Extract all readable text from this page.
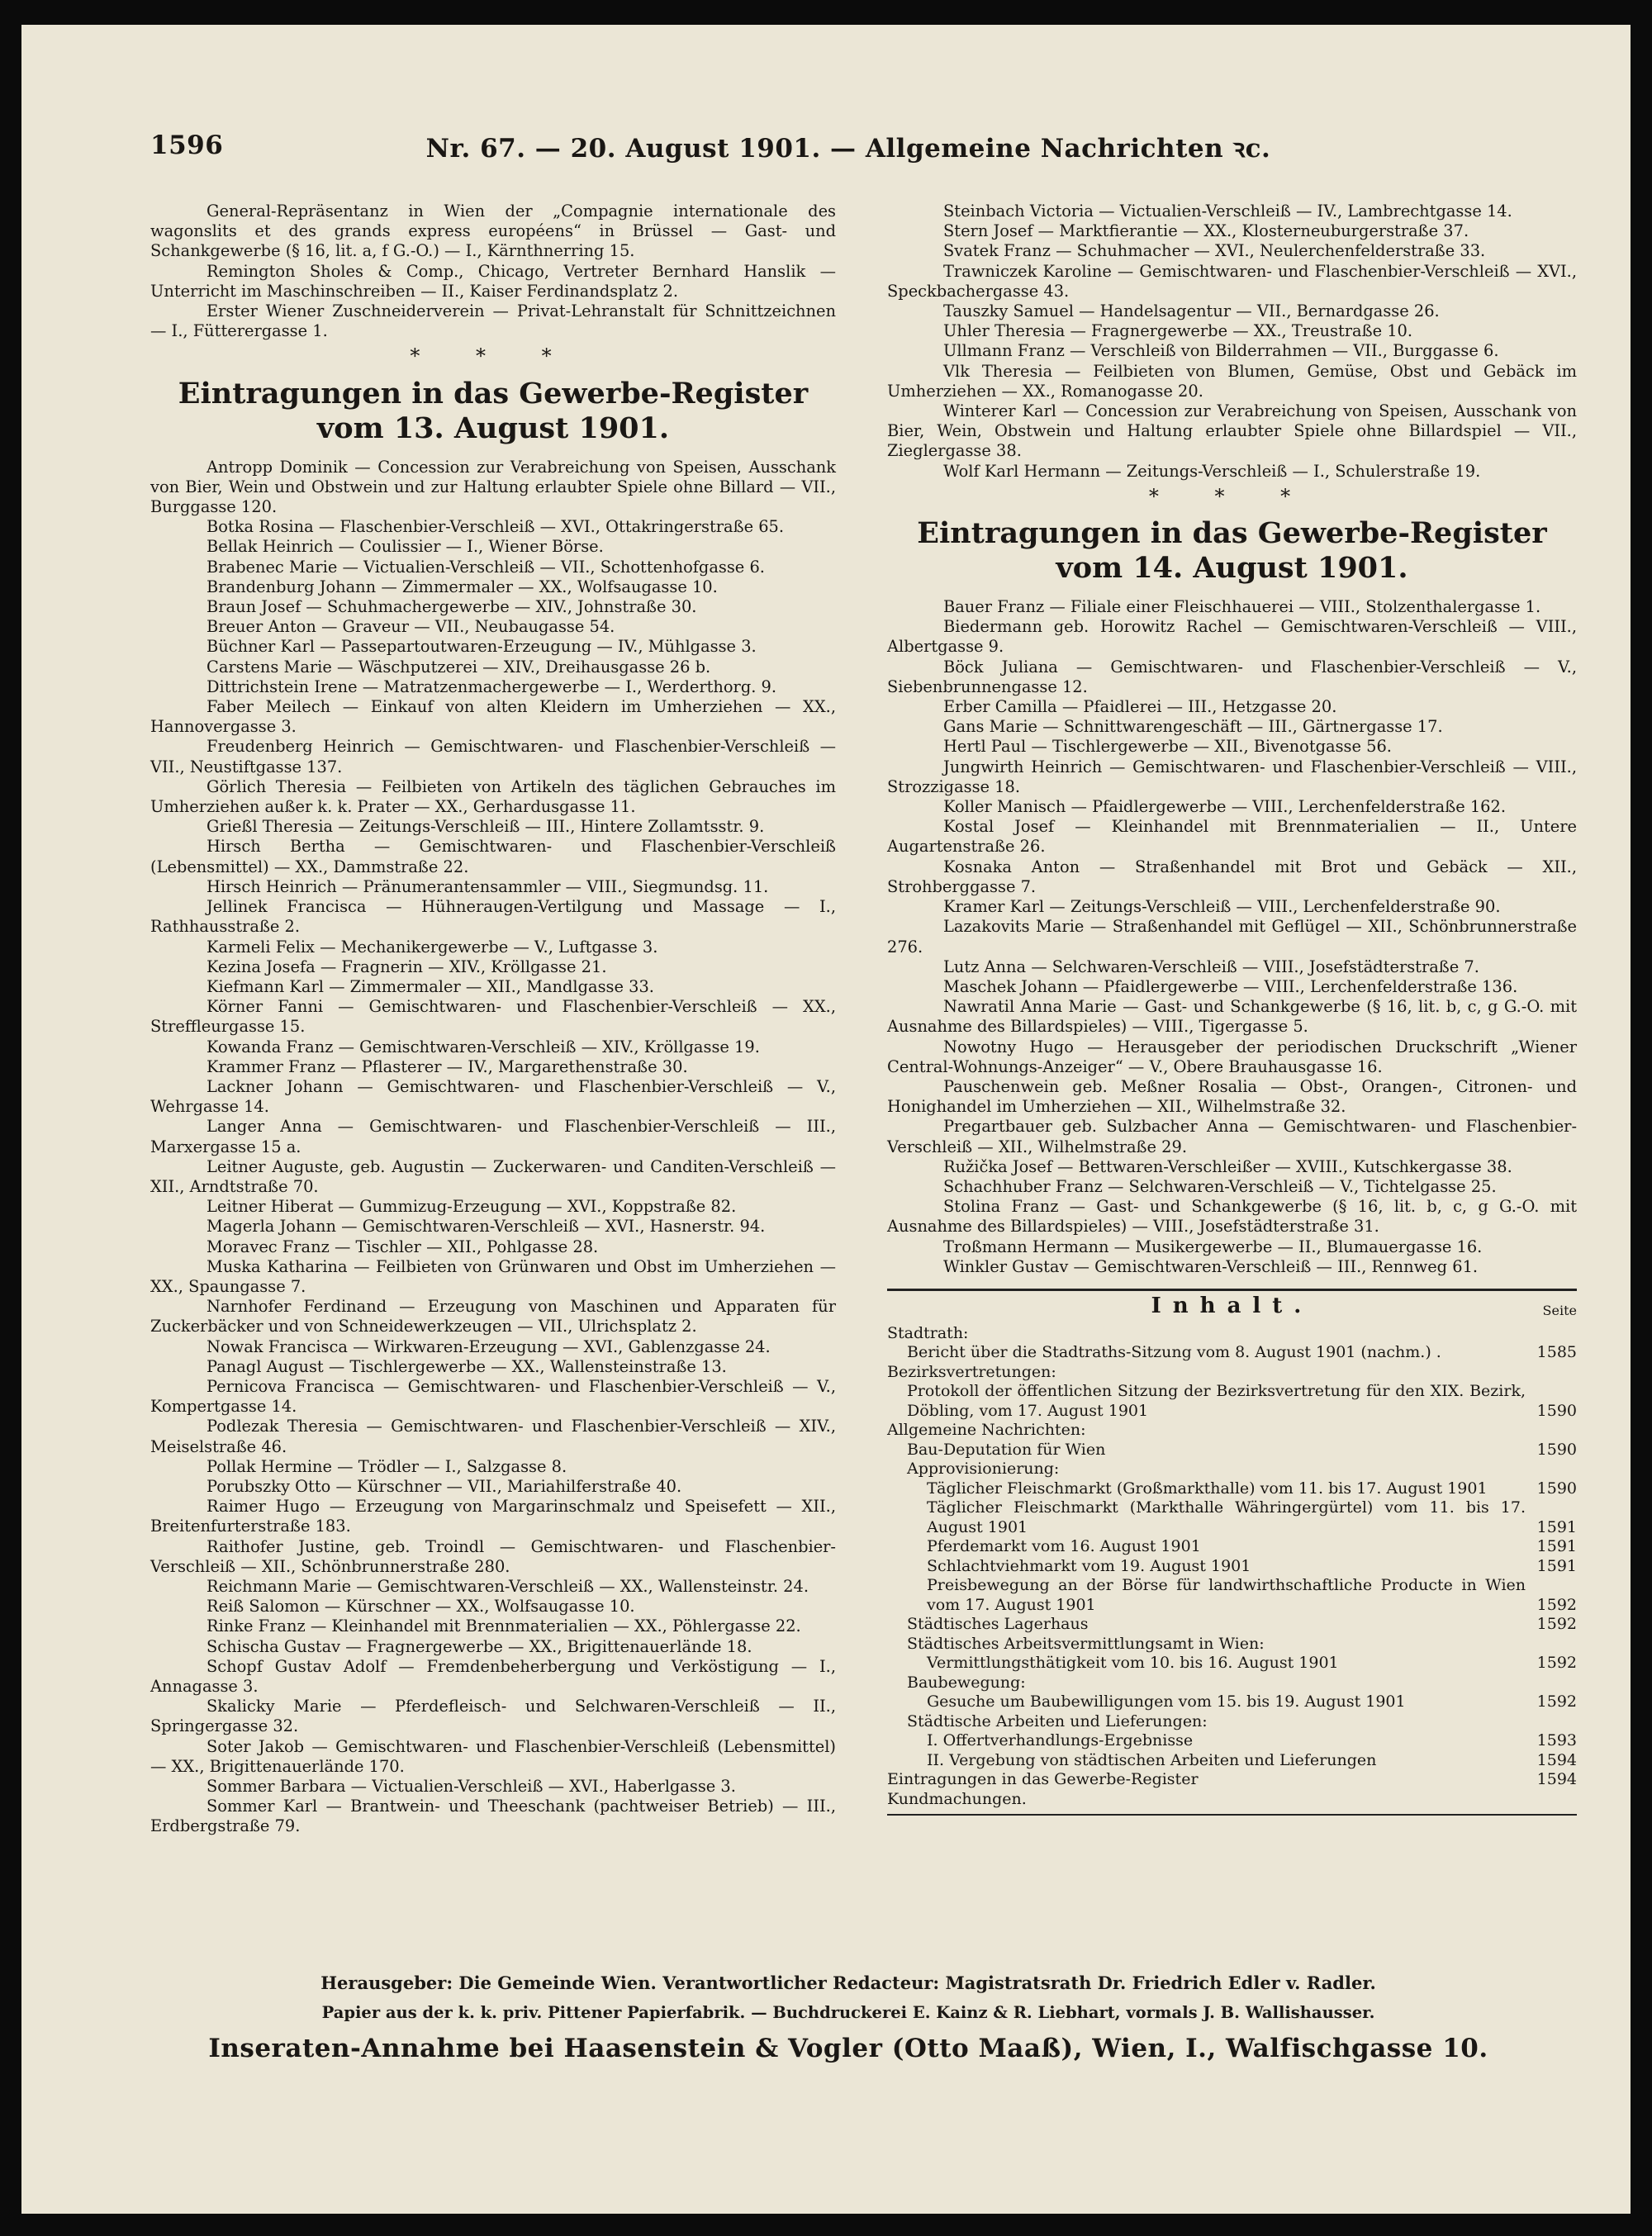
1596	Nr. 67. — 20. August 1901. — Allgemeine Nachrichten ꝛc.

General-Repräsentanz in Wien der „Compagnie internationale des wagonslits et des grands express européens“ in Brüssel — Gast- und Schankgewerbe (§ 16, lit. a, f G.-O.) — I., Kärnthnerring 15.

Remington Sholes & Comp., Chicago, Vertreter Bernhard Hanslik — Unterricht im Maschinschreiben — II., Kaiser Ferdinandsplatz 2.

Erster Wiener Zuschneiderverein — Privat-Lehranstalt für Schnittzeichnen — I., Fütterergasse 1.

* * *
Eintragungen in das Gewerbe-Register
vom 13. August 1901.

Antropp Dominik — Concession zur Verabreichung von Speisen, Ausschank von Bier, Wein und Obstwein und zur Haltung erlaubter Spiele ohne Billard — VII., Burggasse 120.

Botka Rosina — Flaschenbier-Verschleiß — XVI., Ottakringerstraße 65.

Bellak Heinrich — Coulissier — I., Wiener Börse.

Brabenec Marie — Victualien-Verschleiß — VII., Schottenhofgasse 6.

Brandenburg Johann — Zimmermaler — XX., Wolfsaugasse 10.

Braun Josef — Schuhmachergewerbe — XIV., Johnstraße 30.

Breuer Anton — Graveur — VII., Neubaugasse 54.

Büchner Karl — Passepartoutwaren-Erzeugung — IV., Mühlgasse 3.

Carstens Marie — Wäschputzerei — XIV., Dreihausgasse 26 b.

Dittrichstein Irene — Matratzenmachergewerbe — I., Werderthorg. 9.

Faber Meilech — Einkauf von alten Kleidern im Umherziehen — XX., Hannovergasse 3.

Freudenberg Heinrich — Gemischtwaren- und Flaschenbier-Verschleiß — VII., Neustiftgasse 137.

Görlich Theresia — Feilbieten von Artikeln des täglichen Gebrauches im Umherziehen außer k. k. Prater — XX., Gerhardusgasse 11.

Grießl Theresia — Zeitungs-Verschleiß — III., Hintere Zollamtsstr. 9.

Hirsch Bertha — Gemischtwaren- und Flaschenbier-Verschleiß (Lebensmittel) — XX., Dammstraße 22.

Hirsch Heinrich — Pränumerantensammler — VIII., Siegmundsg. 11.

Jellinek Francisca — Hühneraugen-Vertilgung und Massage — I., Rathhausstraße 2.

Karmeli Felix — Mechanikergewerbe — V., Luftgasse 3.

Kezina Josefa — Fragnerin — XIV., Kröllgasse 21.

Kiefmann Karl — Zimmermaler — XII., Mandlgasse 33.

Körner Fanni — Gemischtwaren- und Flaschenbier-Verschleiß — XX., Streffleurgasse 15.

Kowanda Franz — Gemischtwaren-Verschleiß — XIV., Kröllgasse 19.

Krammer Franz — Pflasterer — IV., Margarethenstraße 30.

Lackner Johann — Gemischtwaren- und Flaschenbier-Verschleiß — V., Wehrgasse 14.

Langer Anna — Gemischtwaren- und Flaschenbier-Verschleiß — III., Marxergasse 15 a.

Leitner Auguste, geb. Augustin — Zuckerwaren- und Canditen-Verschleiß — XII., Arndtstraße 70.

Leitner Hiberat — Gummizug-Erzeugung — XVI., Koppstraße 82.

Magerla Johann — Gemischtwaren-Verschleiß — XVI., Hasnerstr. 94.

Moravec Franz — Tischler — XII., Pohlgasse 28.

Muska Katharina — Feilbieten von Grünwaren und Obst im Umherziehen — XX., Spaungasse 7.

Narnhofer Ferdinand — Erzeugung von Maschinen und Apparaten für Zuckerbäcker und von Schneidewerkzeugen — VII., Ulrichsplatz 2.

Nowak Francisca — Wirkwaren-Erzeugung — XVI., Gablenzgasse 24.

Panagl August — Tischlergewerbe — XX., Wallensteinstraße 13.

Pernicova Francisca — Gemischtwaren- und Flaschenbier-Verschleiß — V., Kompertgasse 14.

Podlezak Theresia — Gemischtwaren- und Flaschenbier-Verschleiß — XIV., Meiselstraße 46.

Pollak Hermine — Trödler — I., Salzgasse 8.

Porubszky Otto — Kürschner — VII., Mariahilferstraße 40.

Raimer Hugo — Erzeugung von Margarinschmalz und Speisefett — XII., Breitenfurterstraße 183.

Raithofer Justine, geb. Troindl — Gemischtwaren- und Flaschenbier-Verschleiß — XII., Schönbrunnerstraße 280.

Reichmann Marie — Gemischtwaren-Verschleiß — XX., Wallensteinstr. 24.

Reiß Salomon — Kürschner — XX., Wolfsaugasse 10.

Rinke Franz — Kleinhandel mit Brennmaterialien — XX., Pöhlergasse 22.

Schischa Gustav — Fragnergewerbe — XX., Brigittenauerlände 18.

Schopf Gustav Adolf — Fremdenbeherbergung und Verköstigung — I., Annagasse 3.

Skalicky Marie — Pferdefleisch- und Selchwaren-Verschleiß — II., Springergasse 32.

Soter Jakob — Gemischtwaren- und Flaschenbier-Verschleiß (Lebensmittel) — XX., Brigittenauerlände 170.

Sommer Barbara — Victualien-Verschleiß — XVI., Haberlgasse 3.

Sommer Karl — Brantwein- und Theeschank (pachtweiser Betrieb) — III., Erdbergstraße 79.

Steinbach Victoria — Victualien-Verschleiß — IV., Lambrechtgasse 14.

Stern Josef — Marktfierantie — XX., Klosterneuburgerstraße 37.

Svatek Franz — Schuhmacher — XVI., Neulerchenfelderstraße 33.

Trawniczek Karoline — Gemischtwaren- und Flaschenbier-Verschleiß — XVI., Speckbachergasse 43.

Tauszky Samuel — Handelsagentur — VII., Bernardgasse 26.

Uhler Theresia — Fragnergewerbe — XX., Treustraße 10.

Ullmann Franz — Verschleiß von Bilderrahmen — VII., Burggasse 6.

Vlk Theresia — Feilbieten von Blumen, Gemüse, Obst und Gebäck im Umherziehen — XX., Romanogasse 20.

Winterer Karl — Concession zur Verabreichung von Speisen, Ausschank von Bier, Wein, Obstwein und Haltung erlaubter Spiele ohne Billardspiel — VII., Zieglergasse 38.

Wolf Karl Hermann — Zeitungs-Verschleiß — I., Schulerstraße 19.

* * *
Eintragungen in das Gewerbe-Register
vom 14. August 1901.

Bauer Franz — Filiale einer Fleischhauerei — VIII., Stolzenthalergasse 1.

Biedermann geb. Horowitz Rachel — Gemischtwaren-Verschleiß — VIII., Albertgasse 9.

Böck Juliana — Gemischtwaren- und Flaschenbier-Verschleiß — V., Siebenbrunnengasse 12.

Erber Camilla — Pfaidlerei — III., Hetzgasse 20.

Gans Marie — Schnittwarengeschäft — III., Gärtnergasse 17.

Hertl Paul — Tischlergewerbe — XII., Bivenotgasse 56.

Jungwirth Heinrich — Gemischtwaren- und Flaschenbier-Verschleiß — VIII., Strozzigasse 18.

Koller Manisch — Pfaidlergewerbe — VIII., Lerchenfelderstraße 162.

Kostal Josef — Kleinhandel mit Brennmaterialien — II., Untere Augartenstraße 26.

Kosnaka Anton — Straßenhandel mit Brot und Gebäck — XII., Strohberggasse 7.

Kramer Karl — Zeitungs-Verschleiß — VIII., Lerchenfelderstraße 90.

Lazakovits Marie — Straßenhandel mit Geflügel — XII., Schönbrunnerstraße 276.

Lutz Anna — Selchwaren-Verschleiß — VIII., Josefstädterstraße 7.

Maschek Johann — Pfaidlergewerbe — VIII., Lerchenfelderstraße 136.

Nawratil Anna Marie — Gast- und Schankgewerbe (§ 16, lit. b, c, g G.-O. mit Ausnahme des Billardspieles) — VIII., Tigergasse 5.

Nowotny Hugo — Herausgeber der periodischen Druckschrift „Wiener Central-Wohnungs-Anzeiger“ — V., Obere Brauhausgasse 16.

Pauschenwein geb. Meßner Rosalia — Obst-, Orangen-, Citronen- und Honighandel im Umherziehen — XII., Wilhelmstraße 32.

Pregartbauer geb. Sulzbacher Anna — Gemischtwaren- und Flaschenbier-Verschleiß — XII., Wilhelmstraße 29.

Ružička Josef — Bettwaren-Verschleißer — XVIII., Kutschkergasse 38.

Schachhuber Franz — Selchwaren-Verschleiß — V., Tichtelgasse 25.

Stolina Franz — Gast- und Schankgewerbe (§ 16, lit. b, c, g G.-O. mit Ausnahme des Billardspieles) — VIII., Josefstädterstraße 31.

Troßmann Hermann — Musikergewerbe — II., Blumauergasse 16.

Winkler Gustav — Gemischtwaren-Verschleiß — III., Rennweg 61.

Inhalt.	Seite
Stadtrath:
Bericht über die Stadtraths-Sitzung vom 8. August 1901 (nachm.) .	1585
Bezirksvertretungen:
Protokoll der öffentlichen Sitzung der Bezirksvertretung für den XIX. Bezirk, Döbling, vom 17. August 1901	1590
Allgemeine Nachrichten:
Bau-Deputation für Wien	1590
Approvisionierung:
Täglicher Fleischmarkt (Großmarkthalle) vom 11. bis 17. August 1901	1590
Täglicher Fleischmarkt (Markthalle Währingergürtel) vom 11. bis 17. August 1901	1591
Pferdemarkt vom 16. August 1901	1591
Schlachtviehmarkt vom 19. August 1901	1591
Preisbewegung an der Börse für landwirthschaftliche Producte in Wien vom 17. August 1901	1592
Städtisches Lagerhaus	1592
Städtisches Arbeitsvermittlungsamt in Wien:
Vermittlungsthätigkeit vom 10. bis 16. August 1901	1592
Baubewegung:
Gesuche um Baubewilligungen vom 15. bis 19. August 1901	1592
Städtische Arbeiten und Lieferungen:
I. Offertverhandlungs-Ergebnisse	1593
II. Vergebung von städtischen Arbeiten und Lieferungen	1594
Eintragungen in das Gewerbe-Register	1594
Kundmachungen.
Herausgeber: Die Gemeinde Wien. Verantwortlicher Redacteur: Magistratsrath Dr. Friedrich Edler v. Radler.
Papier aus der k. k. priv. Pittener Papierfabrik. — Buchdruckerei E. Kainz & R. Liebhart, vormals J. B. Wallishausser.
Inseraten-Annahme bei Haasenstein & Vogler (Otto Maaß), Wien, I., Walfischgasse 10.
